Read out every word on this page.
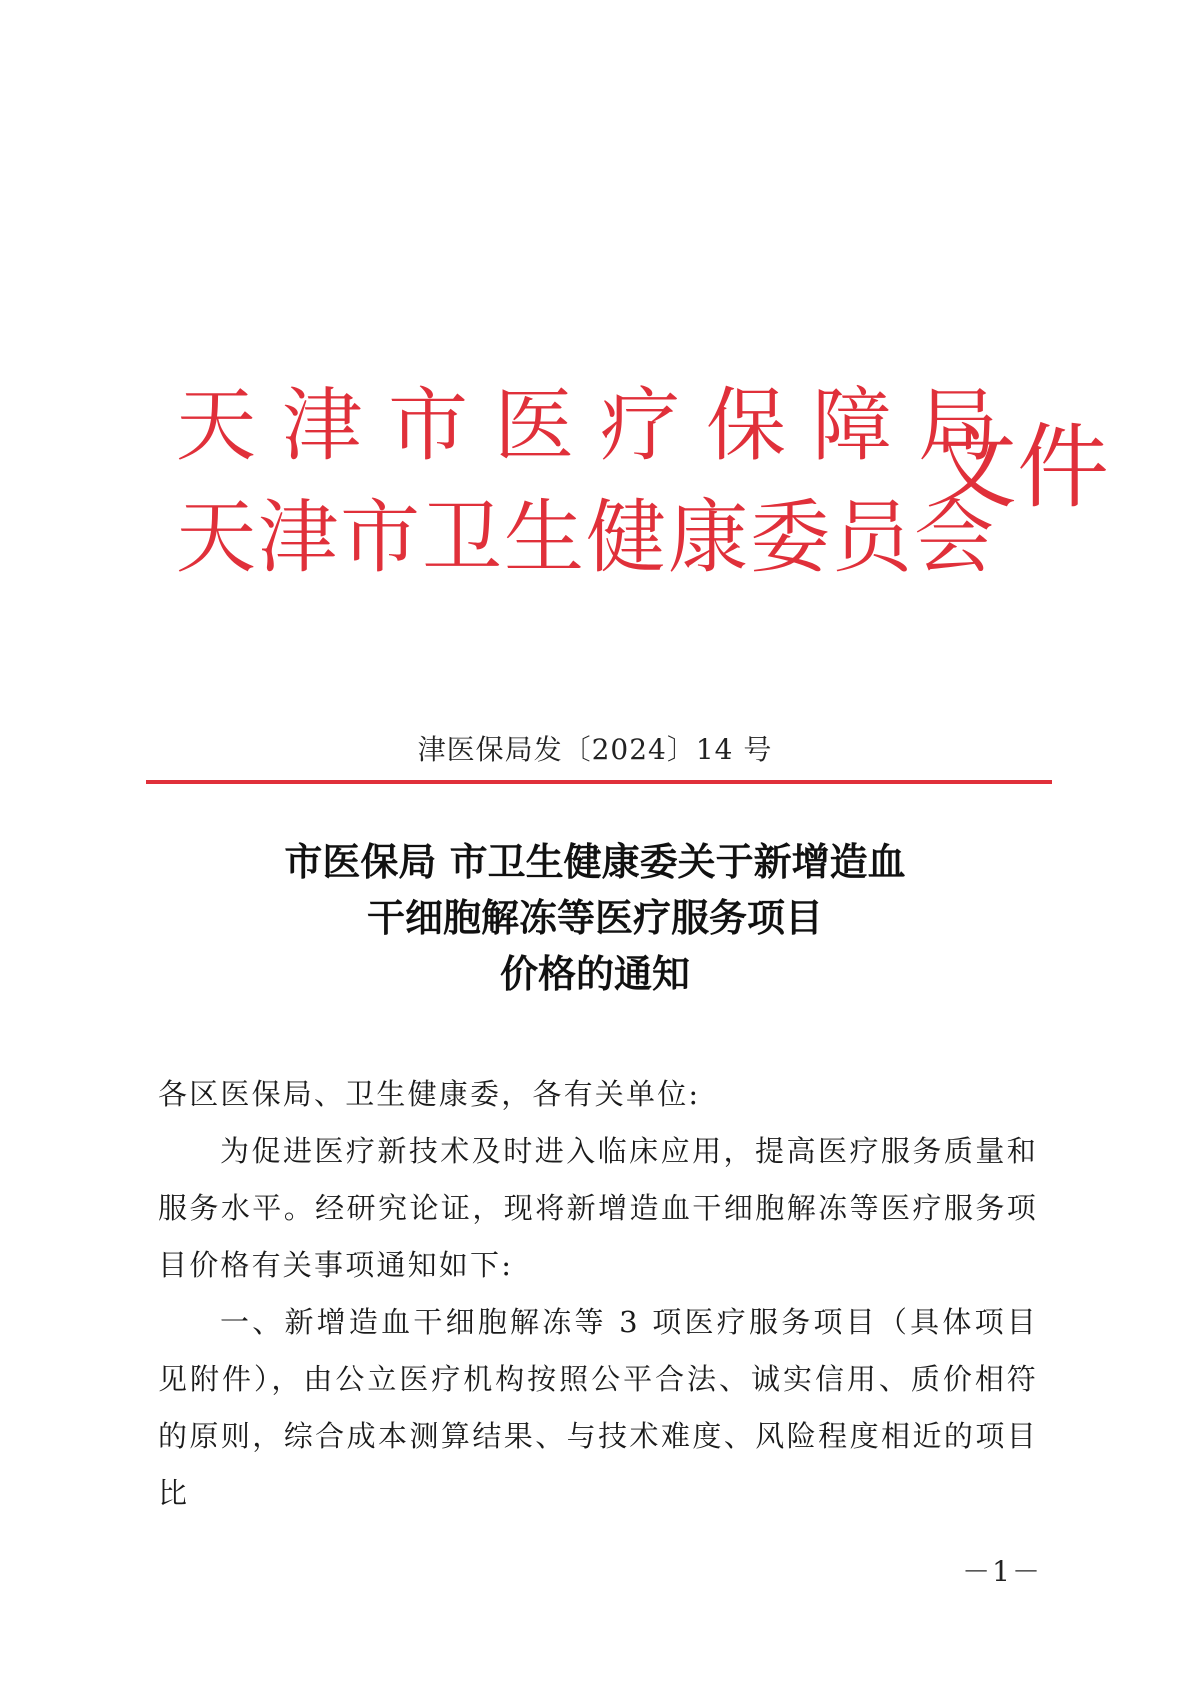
天津市医疗保障局
天津市卫生健康委员会
文件
津医保局发〔2024〕14 号
市医保局 市卫生健康委关于新增造血
干细胞解冻等医疗服务项目
价格的通知

各区医保局、卫生健康委，各有关单位:

为促进医疗新技术及时进入临床应用，提高医疗服务质量和服务水平。经研究论证，现将新增造血干细胞解冻等医疗服务项目价格有关事项通知如下:

一、新增造血干细胞解冻等 3 项医疗服务项目（具体项目见附件），由公立医疗机构按照公平合法、诚实信用、质价相符的原则，综合成本测算结果、与技术难度、风险程度相近的项目比

－1－
